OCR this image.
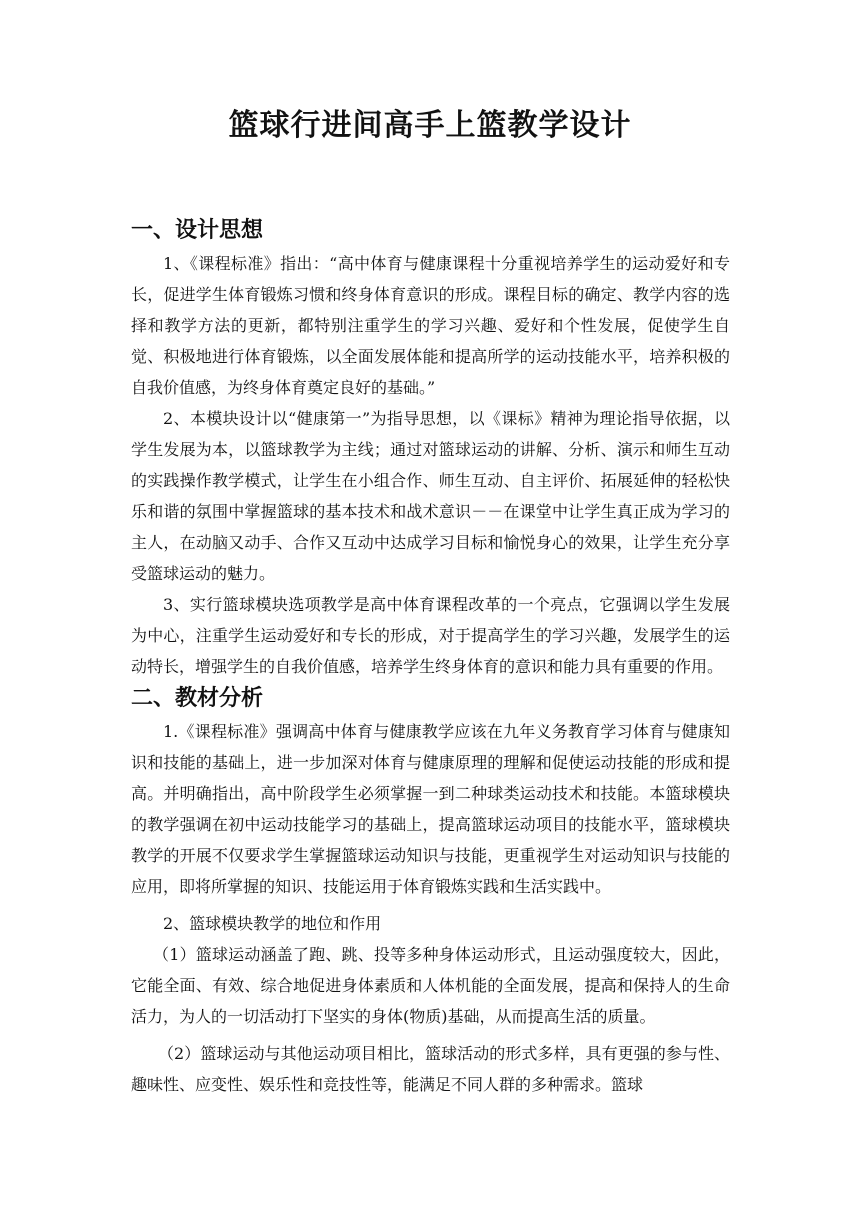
篮球行进间高手上篮教学设计
一、设计思想

1、《课程标准》指出：“高中体育与健康课程十分重视培养学生的运动爱好和专长，促进学生体育锻炼习惯和终身体育意识的形成。课程目标的确定、教学内容的选择和教学方法的更新，都特别注重学生的学习兴趣、爱好和个性发展，促使学生自觉、积极地进行体育锻炼，以全面发展体能和提高所学的运动技能水平，培养积极的自我价值感，为终身体育奠定良好的基础。”

2、本模块设计以“健康第一”为指导思想，以《课标》精神为理论指导依据，以学生发展为本，以篮球教学为主线；通过对篮球运动的讲解、分析、演示和师生互动的实践操作教学模式，让学生在小组合作、师生互动、自主评价、拓展延伸的轻松快乐和谐的氛围中掌握篮球的基本技术和战术意识－－在课堂中让学生真正成为学习的主人，在动脑又动手、合作又互动中达成学习目标和愉悦身心的效果，让学生充分享受篮球运动的魅力。

3、实行篮球模块选项教学是高中体育课程改革的一个亮点，它强调以学生发展为中心，注重学生运动爱好和专长的形成，对于提高学生的学习兴趣，发展学生的运动特长，增强学生的自我价值感，培养学生终身体育的意识和能力具有重要的作用。

二、教材分析

1.《课程标准》强调高中体育与健康教学应该在九年义务教育学习体育与健康知识和技能的基础上，进一步加深对体育与健康原理的理解和促使运动技能的形成和提高。并明确指出，高中阶段学生必须掌握一到二种球类运动技术和技能。本篮球模块的教学强调在初中运动技能学习的基础上，提高篮球运动项目的技能水平，篮球模块教学的开展不仅要求学生掌握篮球运动知识与技能，更重视学生对运动知识与技能的应用，即将所掌握的知识、技能运用于体育锻炼实践和生活实践中。

2、篮球模块教学的地位和作用

（1）篮球运动涵盖了跑、跳、投等多种身体运动形式，且运动强度较大，因此，它能全面、有效、综合地促进身体素质和人体机能的全面发展，提高和保持人的生命活力，为人的一切活动打下坚实的身体(物质)基础，从而提高生活的质量。

（2）篮球运动与其他运动项目相比，篮球活动的形式多样，具有更强的参与性、趣味性、应变性、娱乐性和竞技性等，能满足不同人群的多种需求。篮球
